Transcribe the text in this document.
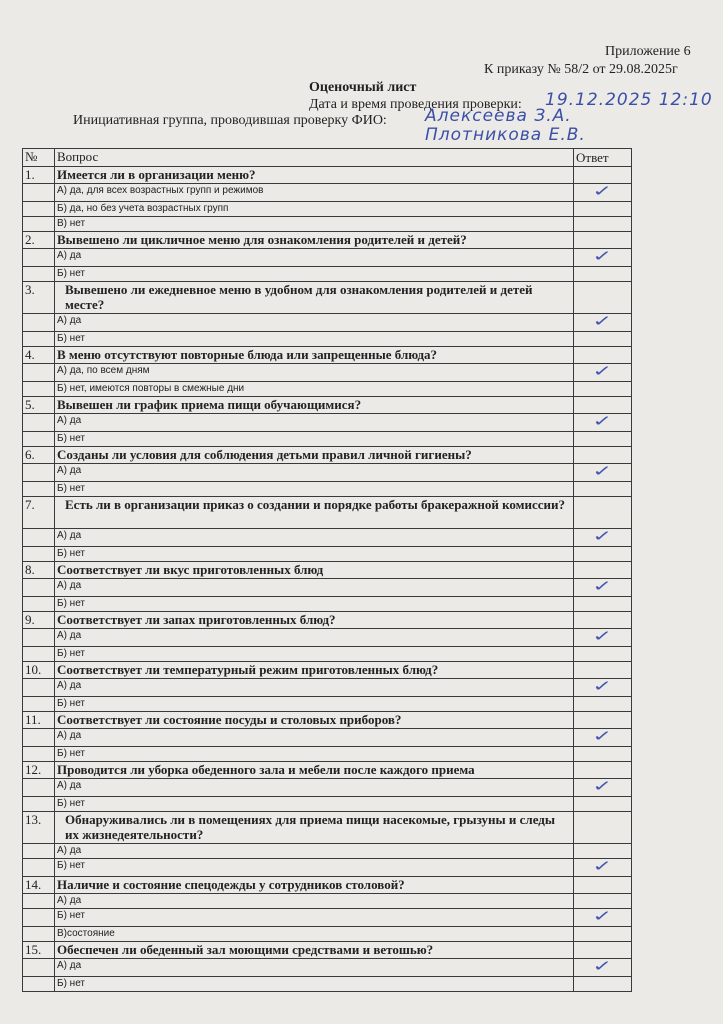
Приложение 6
К приказу № 58/2 от 29.08.2025г
Оценочный лист
Дата и время проведения проверки: 19.12.2025 12:10
Инициативная группа, проводившая проверку ФИО: Алексеева З.А.
Плотникова Е.В.
№	Вопрос	Ответ
1.	Имеется ли в организации меню?	
	А) да, для всех возрастных групп и режимов	✓
	Б) да, но без учета возрастных групп	
	В) нет	
2.	Вывешено ли цикличное меню для ознакомления родителей и детей?	
	А) да	✓
	Б) нет	
3.	Вывешено ли ежедневное меню в удобном для ознакомления родителей и детей месте?	
	А) да	✓
	Б) нет	
4.	В меню отсутствуют повторные блюда или запрещенные блюда?	
	А) да, по всем дням	✓
	Б) нет, имеются повторы в смежные дни	
5.	Вывешен ли график приема пищи обучающимися?	
	А) да	✓
	Б) нет	
6.	Созданы ли условия для соблюдения детьми правил личной гигиены?	
	А) да	✓
	Б) нет	
7.	Есть ли в организации приказ о создании и порядке работы бракеражной комиссии?	
	А) да	✓
	Б) нет	
8.	Соответствует ли вкус приготовленных блюд	
	А) да	✓
	Б) нет	
9.	Соответствует ли запах приготовленных блюд?	
	А) да	✓
	Б) нет	
10.	Соответствует ли температурный режим приготовленных блюд?	
	А) да	✓
	Б) нет	
11.	Соответствует ли состояние посуды и столовых приборов?	
	А) да	✓
	Б) нет	
12.	Проводится ли уборка обеденного зала и мебели после каждого приема	
	А) да	✓
	Б) нет	
13.	Обнаруживались ли в помещениях для приема пищи насекомые, грызуны и следы их жизнедеятельности?	
	А) да	
	Б) нет	✓
14.	Наличие и состояние спецодежды у сотрудников столовой?	
	А) да	
	Б) нет	✓
	В)состояние	
15.	Обеспечен ли обеденный зал моющими средствами и ветошью?	
	А) да	✓
	Б) нет	
